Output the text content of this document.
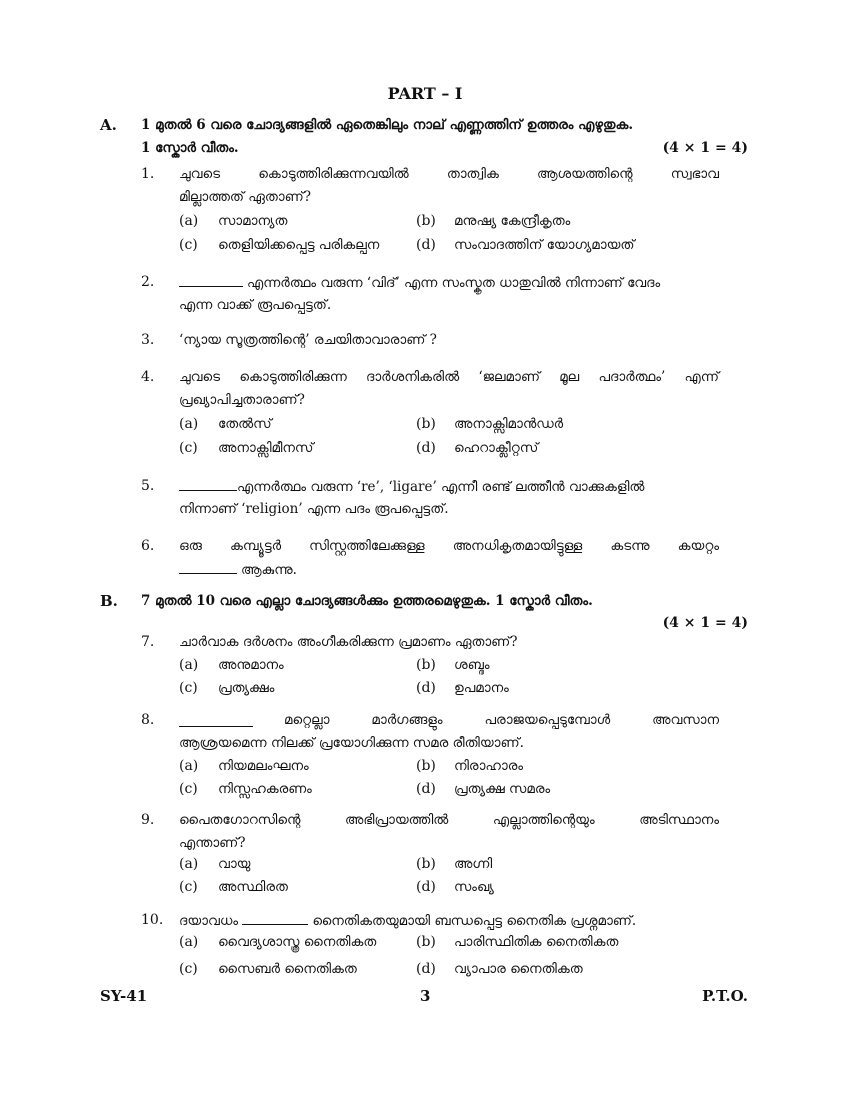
PART – I
A. 1 മുതൽ 6 വരെ ചോദ്യങ്ങളിൽ ഏതെങ്കിലും നാല് എണ്ണത്തിന് ഉത്തരം എഴുതുക.
1 സ്കോർ വീതം.	(4 × 1 = 4)
1. ചുവടെ കൊടുത്തിരിക്കുന്നവയിൽ താത്വിക ആശയത്തിന്റെ സ്വഭാവ
മില്ലാത്തത് ഏതാണ്?
(a) സാമാന്യത	(b) മനുഷ്യ കേന്ദ്രീകൃതം
(c) തെളിയിക്കപ്പെട്ട പരികല്പന	(d) സംവാദത്തിന് യോഗ്യമായത്
2.	എന്നർത്ഥം വരുന്ന ‘വിദ്’ എന്ന സംസ്കൃത ധാതുവിൽ നിന്നാണ് വേദം
എന്ന വാക്ക് രൂപപ്പെട്ടത്.
3. ‘ന്യായ സൂത്രത്തിന്റെ’ രചയിതാവാരാണ് ?
4. ചുവടെ കൊടുത്തിരിക്കുന്ന ദാർശനികരിൽ ‘ജലമാണ് മൂല പദാർത്ഥം’ എന്ന്
പ്രഖ്യാപിച്ചതാരാണ്?
(a) തേൽസ്	(b) അനാക്സിമാൻഡർ
(c) അനാക്സിമീനസ്	(d) ഹെറാക്ലീറ്റസ്
5.	എന്നർത്ഥം വരുന്ന ‘re’, ‘ligare’ എന്നീ രണ്ട് ലത്തീൻ വാക്കുകളിൽ
നിന്നാണ് ‘religion’ എന്ന പദം രൂപപ്പെട്ടത്.
6. ഒരു കമ്പ്യൂട്ടർ സിസ്റ്റത്തിലേക്കുള്ള അനധികൃതമായിട്ടുള്ള കടന്നു കയറ്റം
ആകുന്നു.
B. 7 മുതൽ 10 വരെ എല്ലാ ചോദ്യങ്ങൾക്കും ഉത്തരമെഴുതുക. 1 സ്കോർ വീതം.
(4 × 1 = 4)
7. ചാർവാക ദർശനം അംഗീകരിക്കുന്ന പ്രമാണം ഏതാണ്?
(a) അനുമാനം	(b) ശബ്ദം
(c) പ്രത്യക്ഷം	(d) ഉപമാനം
8.	മറ്റെല്ലാ മാർഗങ്ങളും പരാജയപ്പെടുമ്പോൾ അവസാന
ആശ്രയമെന്ന നിലക്ക് പ്രയോഗിക്കുന്ന സമര രീതിയാണ്.
(a) നിയമലംഘനം	(b) നിരാഹാരം
(c) നിസ്സഹകരണം	(d) പ്രത്യക്ഷ സമരം
9. പൈതഗോറസിന്റെ അഭിപ്രായത്തിൽ എല്ലാത്തിന്റെയും അടിസ്ഥാനം
എന്താണ്?
(a) വായു	(b) അഗ്നി
(c) അസ്ഥിരത	(d) സംഖ്യ
10. ദയാവധം	നൈതികതയുമായി ബന്ധപ്പെട്ട നൈതിക പ്രശ്നമാണ്.
(a) വൈദ്യശാസ്ത്ര നൈതികത	(b) പാരിസ്ഥിതിക നൈതികത
(c) സൈബർ നൈതികത	(d) വ്യാപാര നൈതികത
SY-41	3	P.T.O.
